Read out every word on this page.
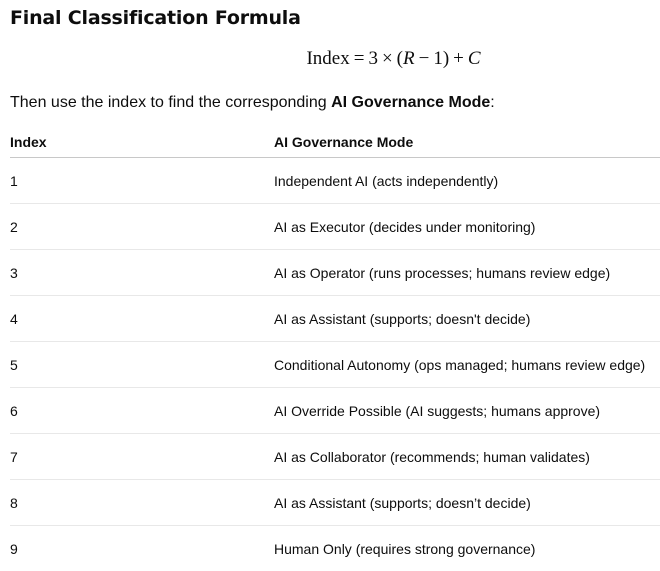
Final Classification Formula
Index = 3 × (R − 1) + C

Then use the index to find the corresponding AI Governance Mode:

Index	AI Governance Mode
1	Independent AI (acts independently)
2	AI as Executor (decides under monitoring)
3	AI as Operator (runs processes; humans review edge)
4	AI as Assistant (supports; doesn't decide)
5	Conditional Autonomy (ops managed; humans review edge)
6	AI Override Possible (AI suggests; humans approve)
7	AI as Collaborator (recommends; human validates)
8	AI as Assistant (supports; doesn’t decide)
9	Human Only (requires strong governance)
